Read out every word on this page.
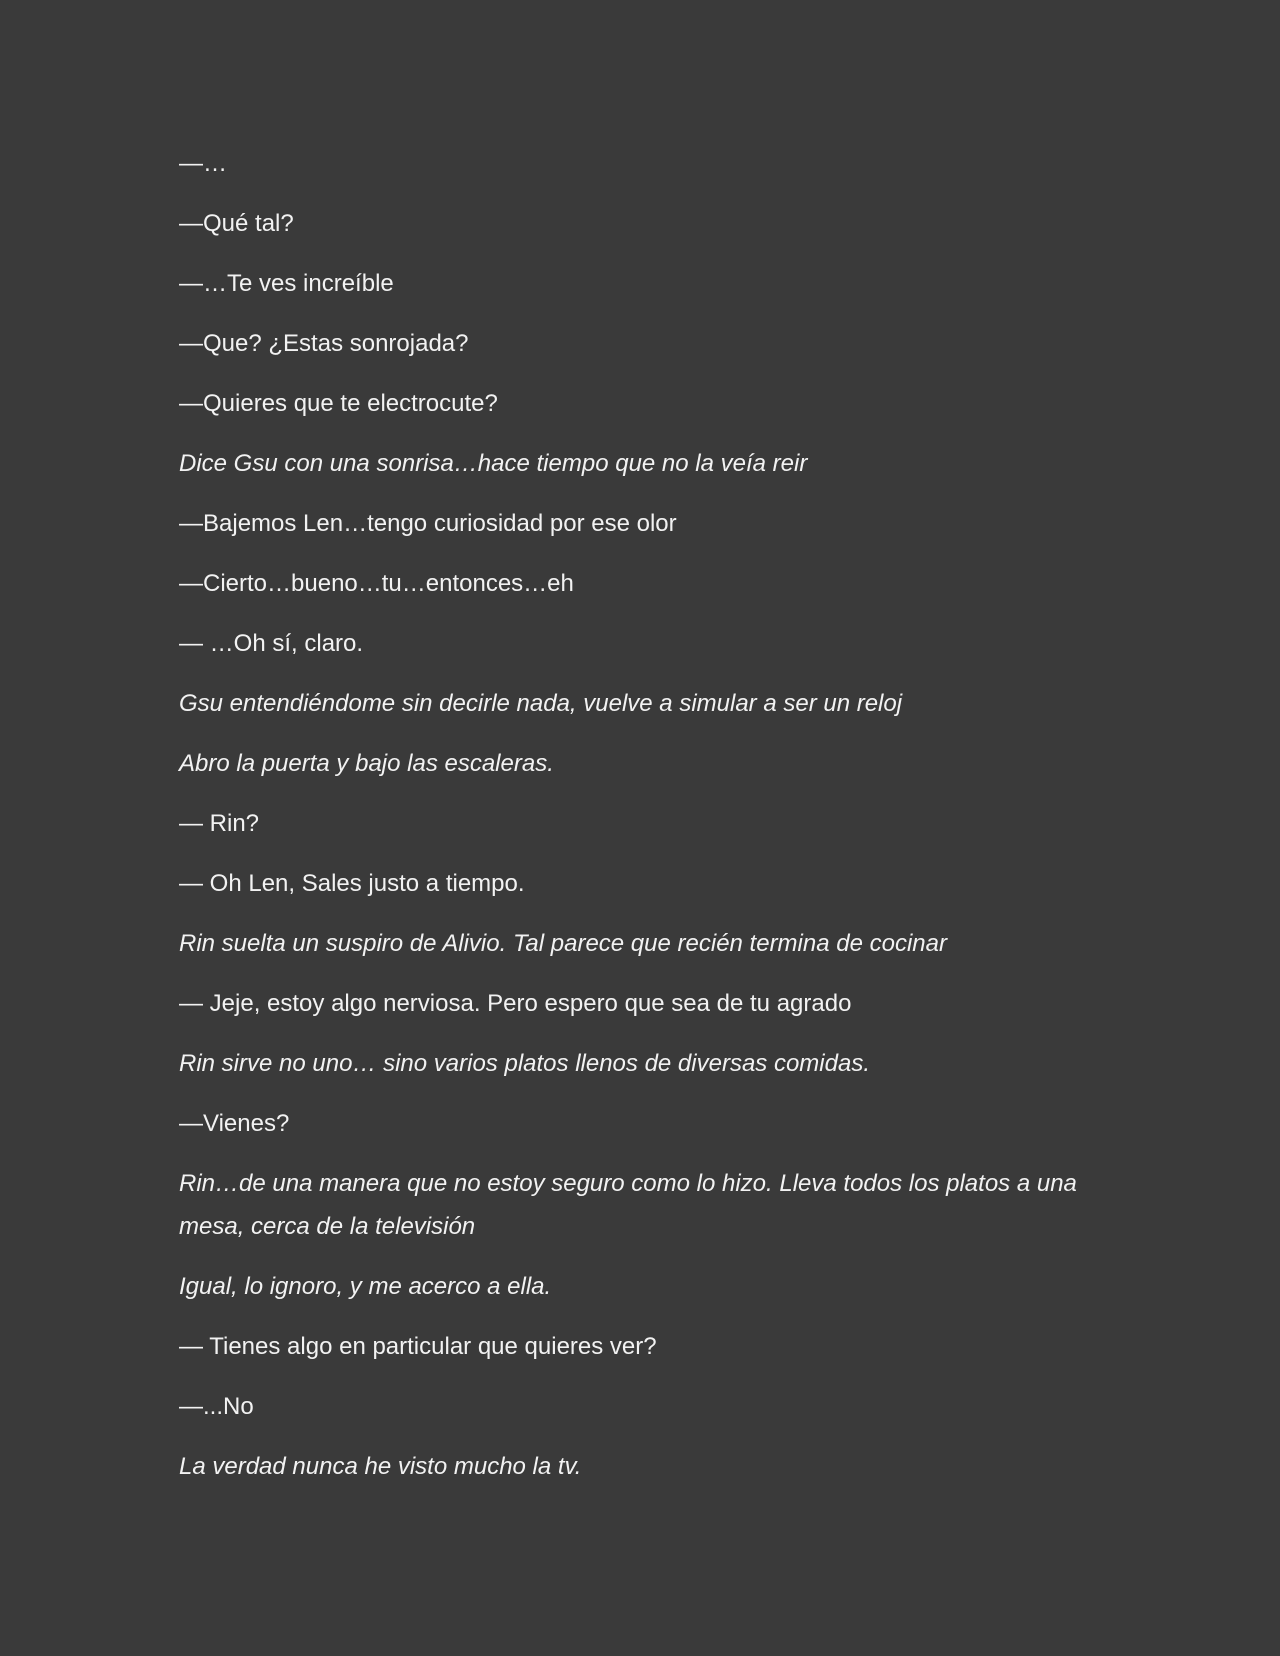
—…

—Qué tal?

—…Te ves increíble

—Que? ¿Estas sonrojada?

—Quieres que te electrocute?

Dice Gsu con una sonrisa…hace tiempo que no la veía reir

—Bajemos Len…tengo curiosidad por ese olor

—Cierto…bueno…tu…entonces…eh

— …Oh sí, claro.

Gsu entendiéndome sin decirle nada, vuelve a simular a ser un reloj

Abro la puerta y bajo las escaleras.

— Rin?

— Oh Len, Sales justo a tiempo.

Rin suelta un suspiro de Alivio. Tal parece que recién termina de cocinar

— Jeje, estoy algo nerviosa. Pero espero que sea de tu agrado

Rin sirve no uno… sino varios platos llenos de diversas comidas.

—Vienes?

Rin…de una manera que no estoy seguro como lo hizo. Lleva todos los platos a una mesa, cerca de la televisión

Igual, lo ignoro, y me acerco a ella.

— Tienes algo en particular que quieres ver?

—...No

La verdad nunca he visto mucho la tv.
